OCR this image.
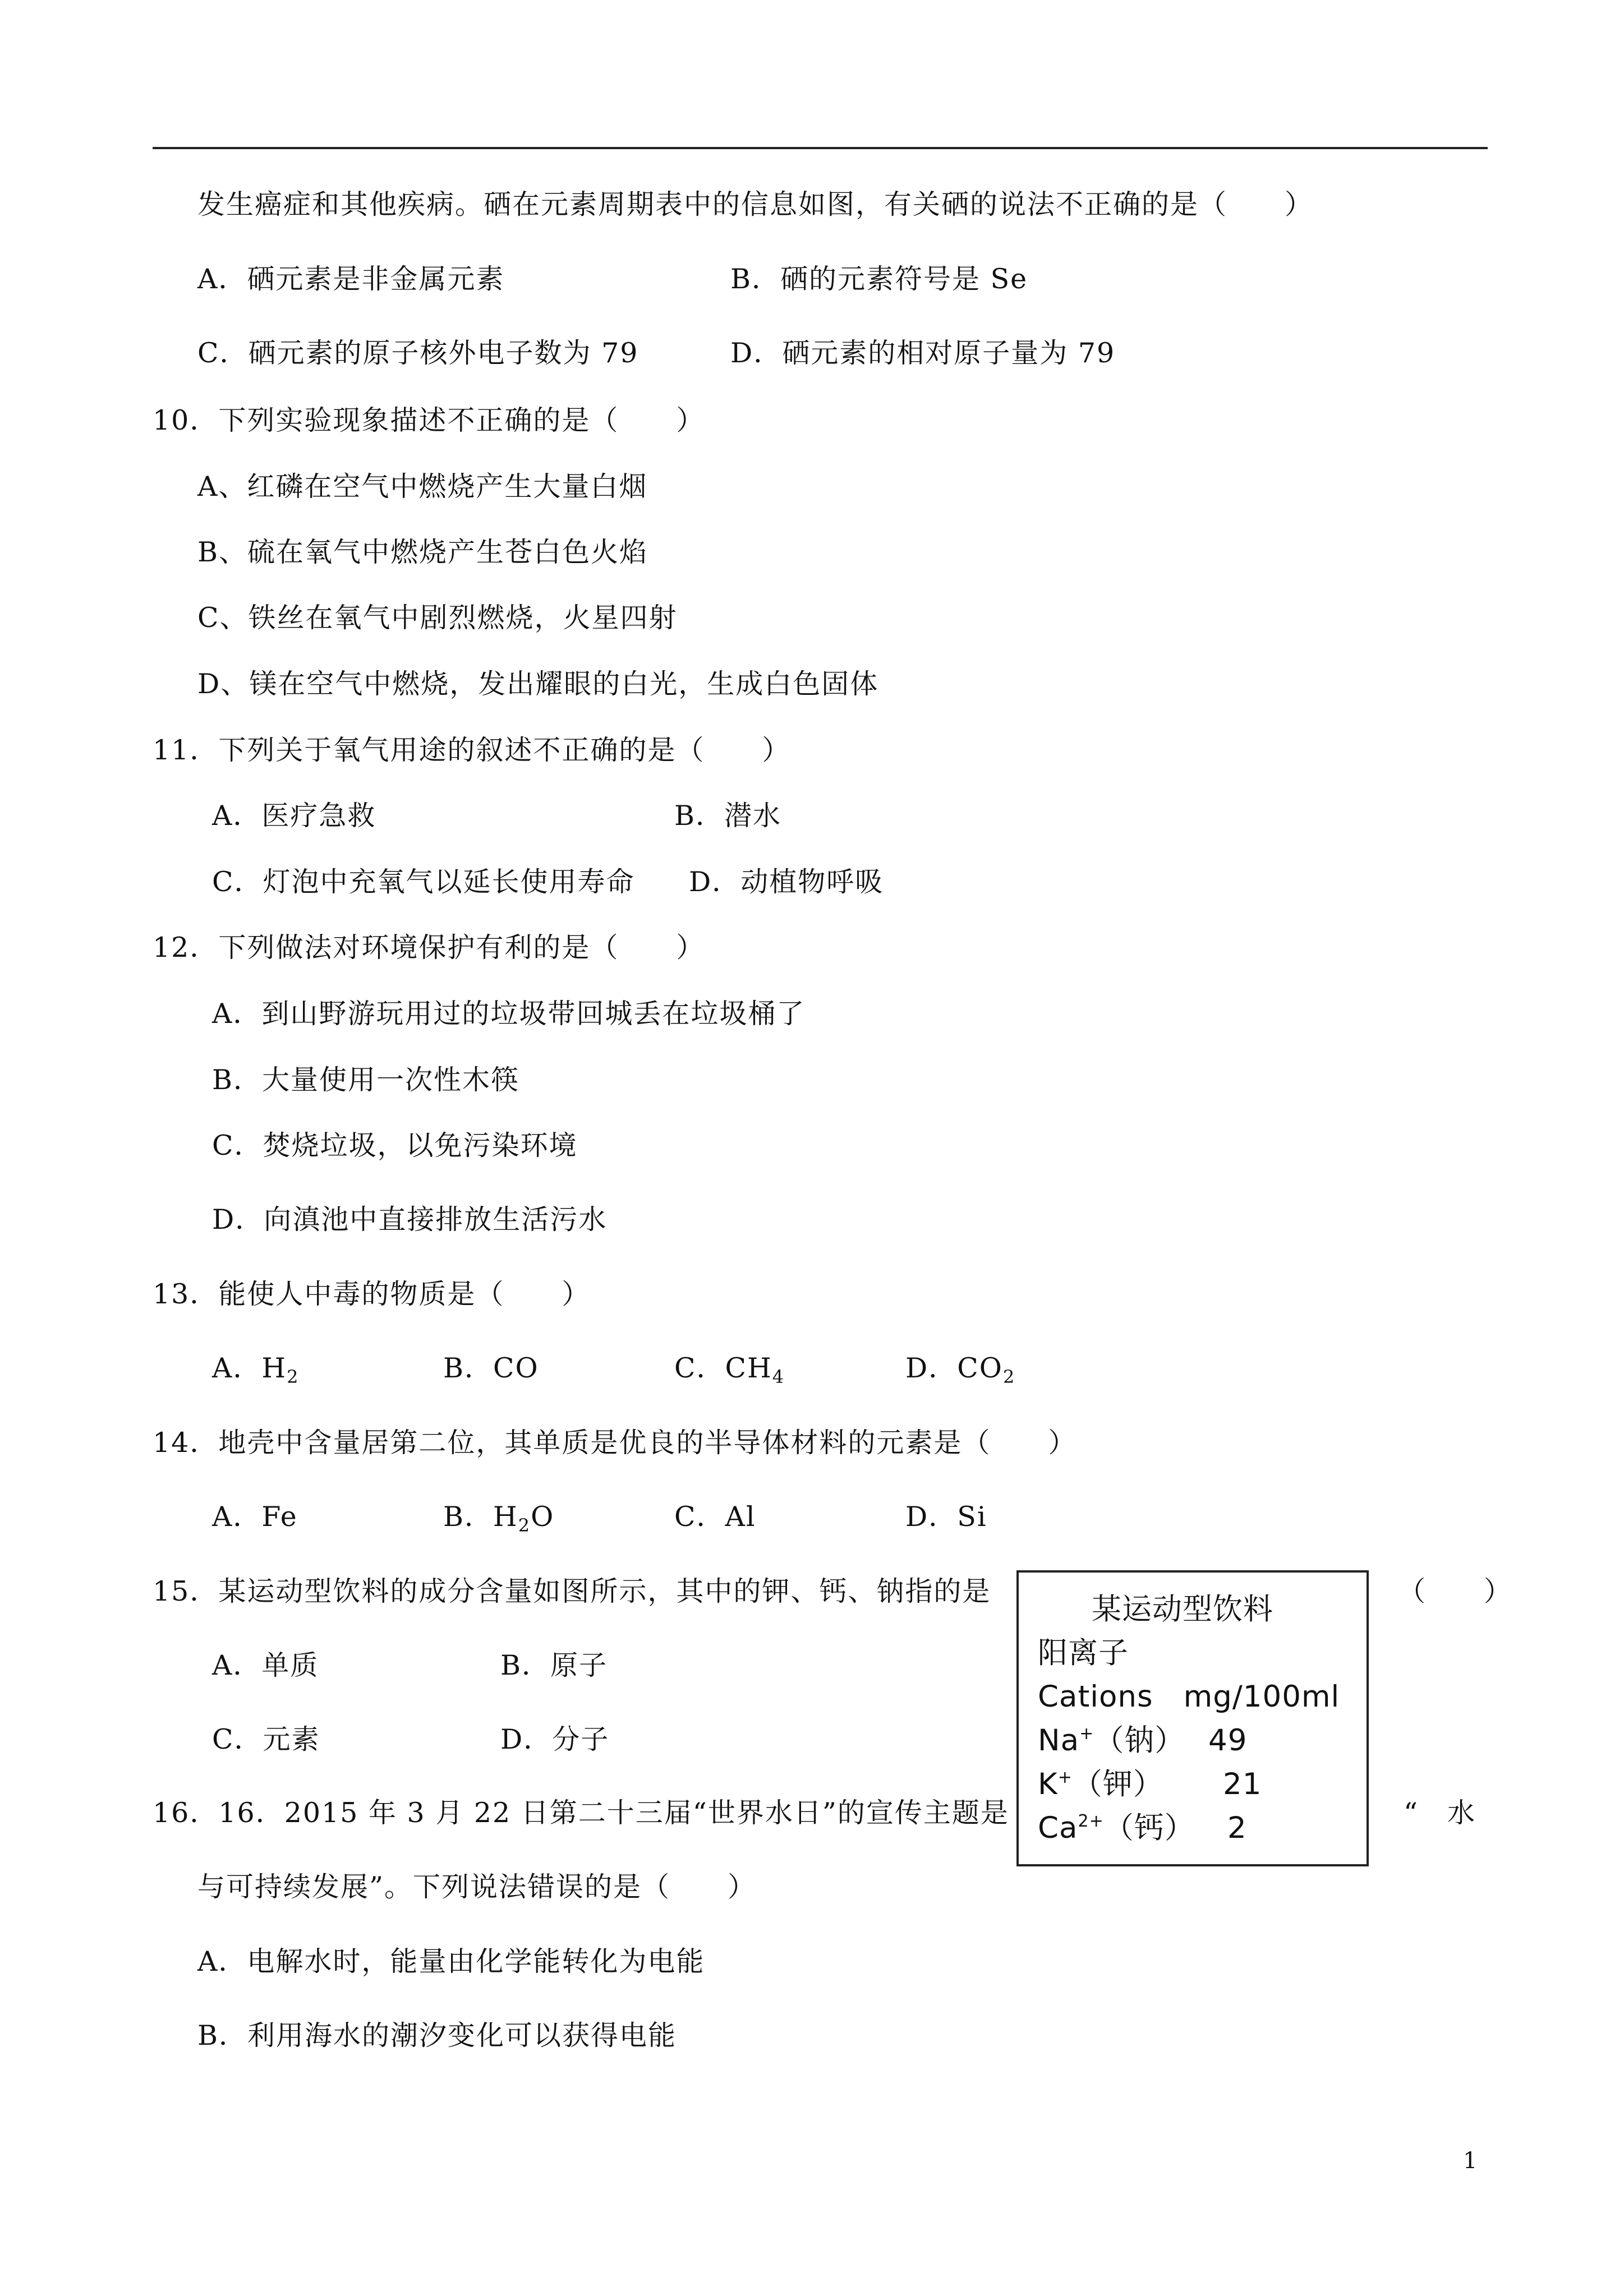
发生癌症和其他疾病。硒在元素周期表中的信息如图，有关硒的说法不正确的是（　　）
A．硒元素是非金属元素	B．硒的元素符号是 Se
C．硒元素的原子核外电子数为 79	D．硒元素的相对原子量为 79
10．下列实验现象描述不正确的是（　　）
A、红磷在空气中燃烧产生大量白烟
B、硫在氧气中燃烧产生苍白色火焰
C、铁丝在氧气中剧烈燃烧，火星四射
D、镁在空气中燃烧，发出耀眼的白光，生成白色固体
11．下列关于氧气用途的叙述不正确的是（　　）
A．医疗急救	B．潜水
C．灯泡中充氧气以延长使用寿命 D．动植物呼吸
12．下列做法对环境保护有利的是（　　）
A．到山野游玩用过的垃圾带回城丢在垃圾桶了
B．大量使用一次性木筷
C．焚烧垃圾，以免污染环境
D．向滇池中直接排放生活污水
13．能使人中毒的物质是（　　）
A．$H_2$	B．CO	C．$CH_4$	D．$CO_2$
14．地壳中含量居第二位，其单质是优良的半导体材料的元素是（　　）
A．Fe	B．$H_2O$	C．Al	D．Si
15．某运动型饮料的成分含量如图所示，其中的钾、钙、钠指的是	（　　）
A．单质	B．原子
C．元素	D．分子
某运动型饮料
阳离子
Cations　mg/100ml
Na+（钠） 49
K+（钾） 21
$Ca^{2+}$（钙） 2
16．16．2015 年 3 月 22 日第二十三届“世界水日”的宣传主题是	“　水
与可持续发展”。下列说法错误的是（　　）
A．电解水时，能量由化学能转化为电能
B．利用海水的潮汐变化可以获得电能
1
